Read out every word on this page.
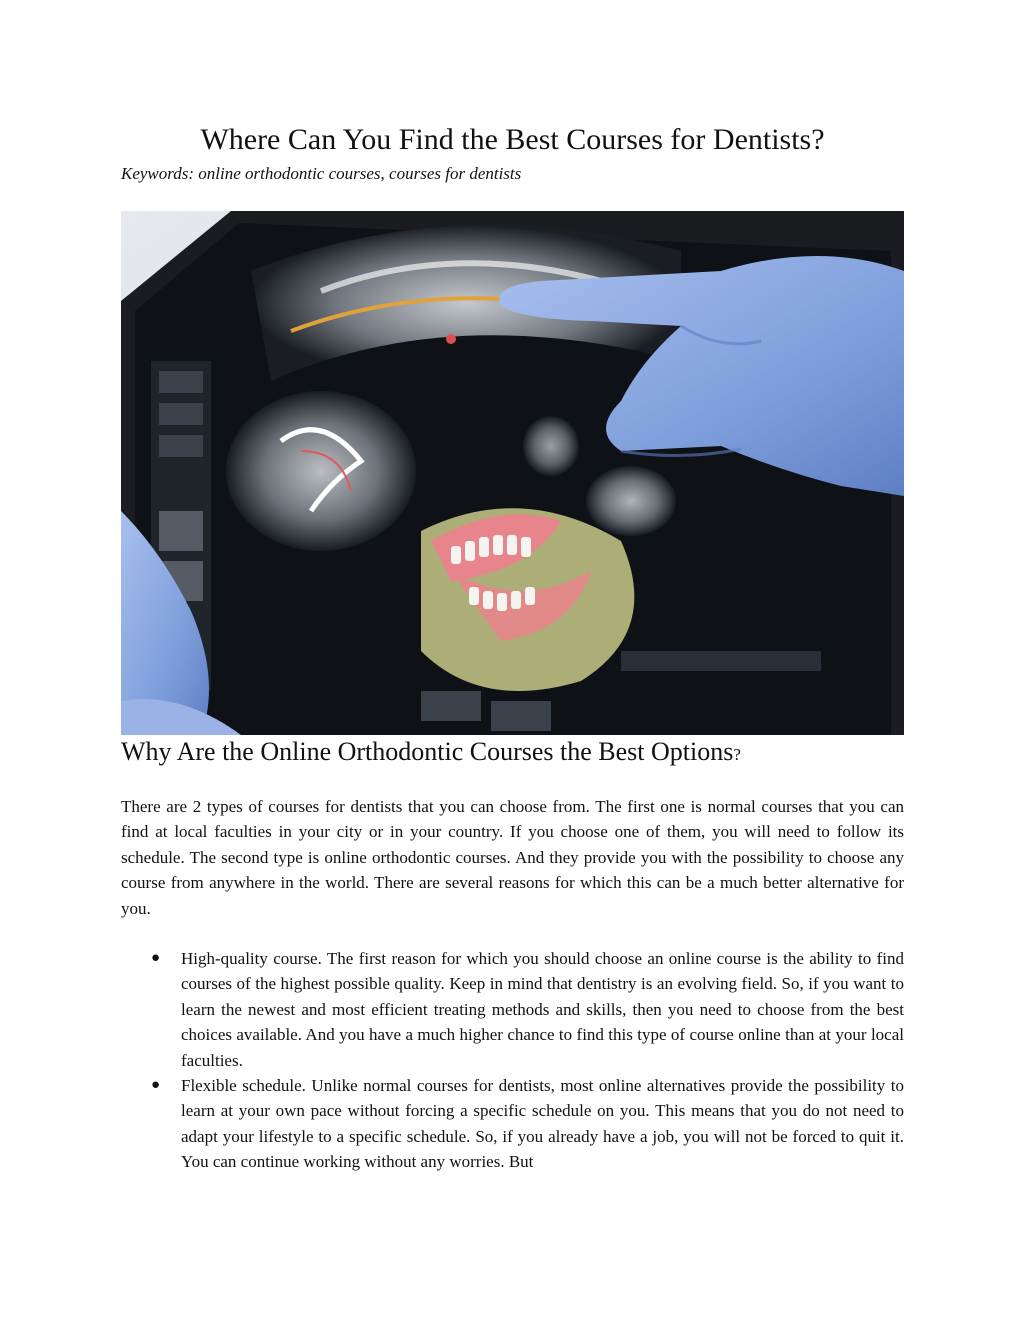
Where Can You Find the Best Courses for Dentists?

Keywords: online orthodontic courses, courses for dentists

Why Are the Online Orthodontic Courses the Best Options?

There are 2 types of courses for dentists that you can choose from. The first one is normal courses that you can find at local faculties in your city or in your country. If you choose one of them, you will need to follow its schedule. The second type is online orthodontic courses. And they provide you with the possibility to choose any course from anywhere in the world. There are several reasons for which this can be a much better alternative for you.

● High-quality course. The first reason for which you should choose an online course is the ability to find courses of the highest possible quality. Keep in mind that dentistry is an evolving field. So, if you want to learn the newest and most efficient treating methods and skills, then you need to choose from the best choices available. And you have a much higher chance to find this type of course online than at your local faculties.
● Flexible schedule. Unlike normal courses for dentists, most online alternatives provide the possibility to learn at your own pace without forcing a specific schedule on you. This means that you do not need to adapt your lifestyle to a specific schedule. So, if you already have a job, you will not be forced to quit it. You can continue working without any worries. But
